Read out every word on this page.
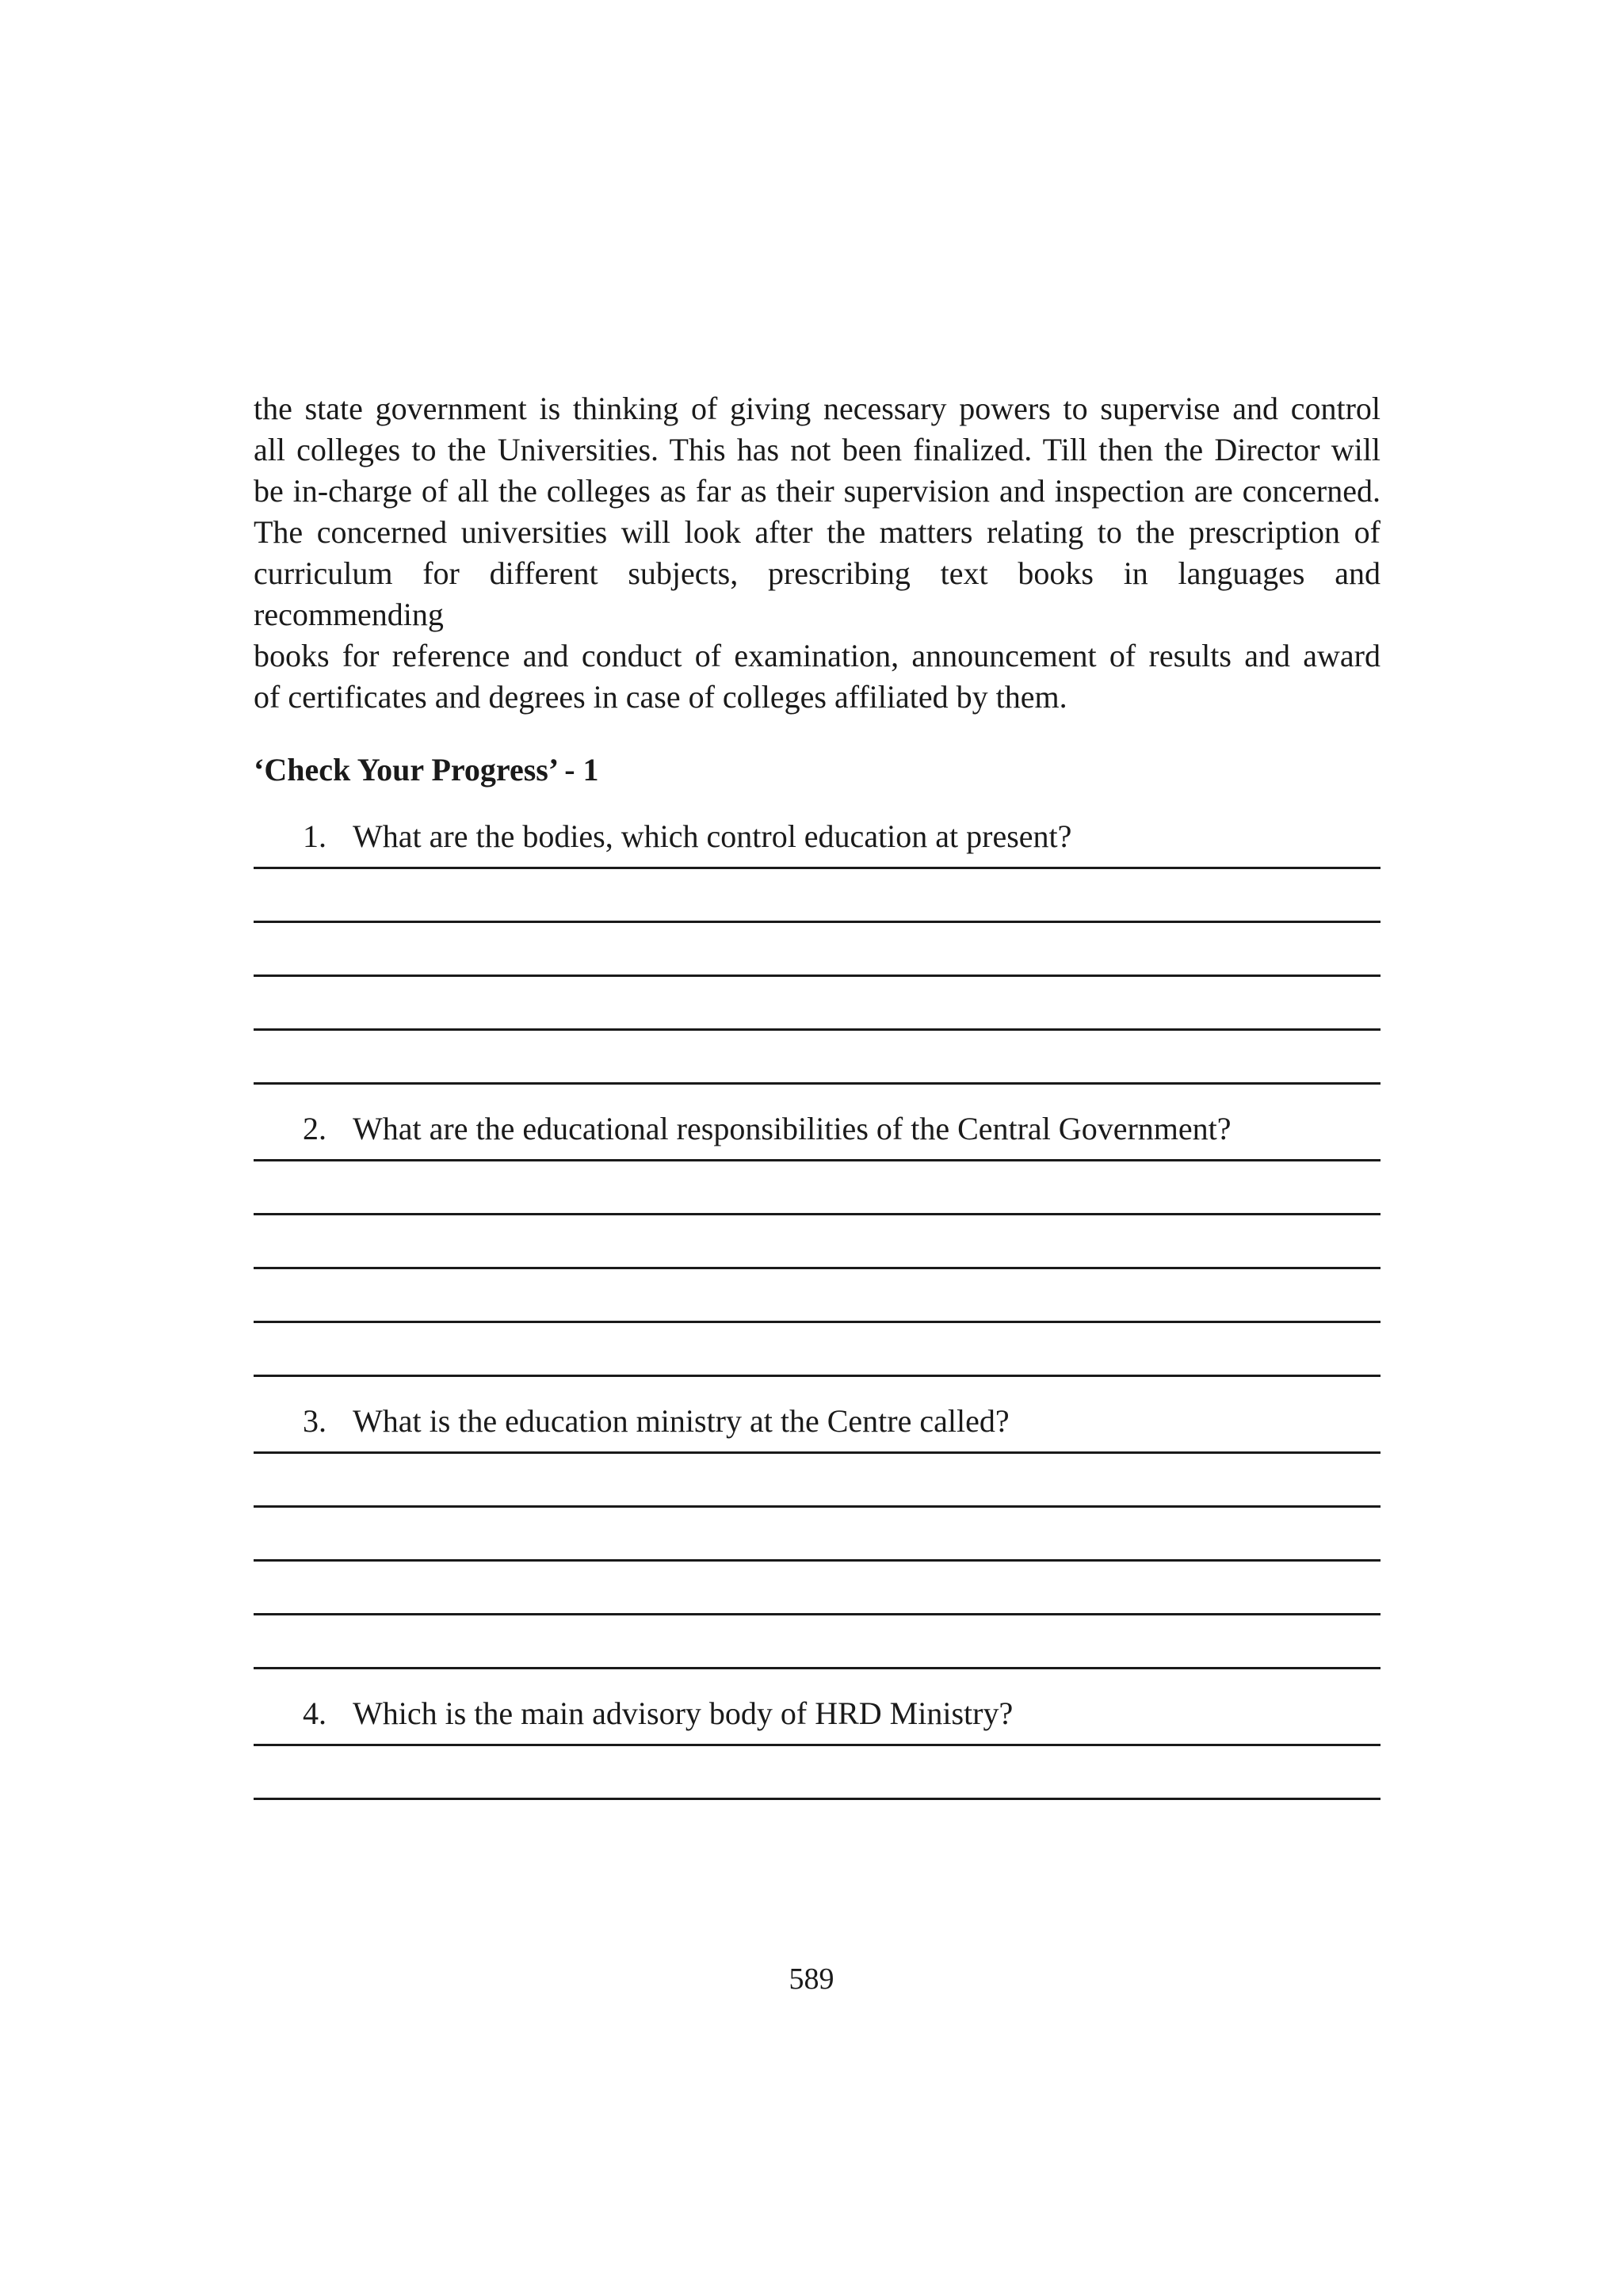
the state government is thinking of giving necessary powers to supervise and control
all colleges to the Universities. This has not been finalized. Till then the Director will
be in-charge of all the colleges as far as their supervision and inspection are concerned.
The concerned universities will look after the matters relating to the prescription of
curriculum for different subjects, prescribing text books in languages and recommending
books for reference and conduct of examination, announcement of results and award
of certificates and degrees in case of colleges affiliated by them.

‘Check Your Progress’ - 1
1. What are the bodies, which control education at present?
2. What are the educational responsibilities of the Central Government?
3. What is the education ministry at the Centre called?
4. Which is the main advisory body of HRD Ministry?
589
